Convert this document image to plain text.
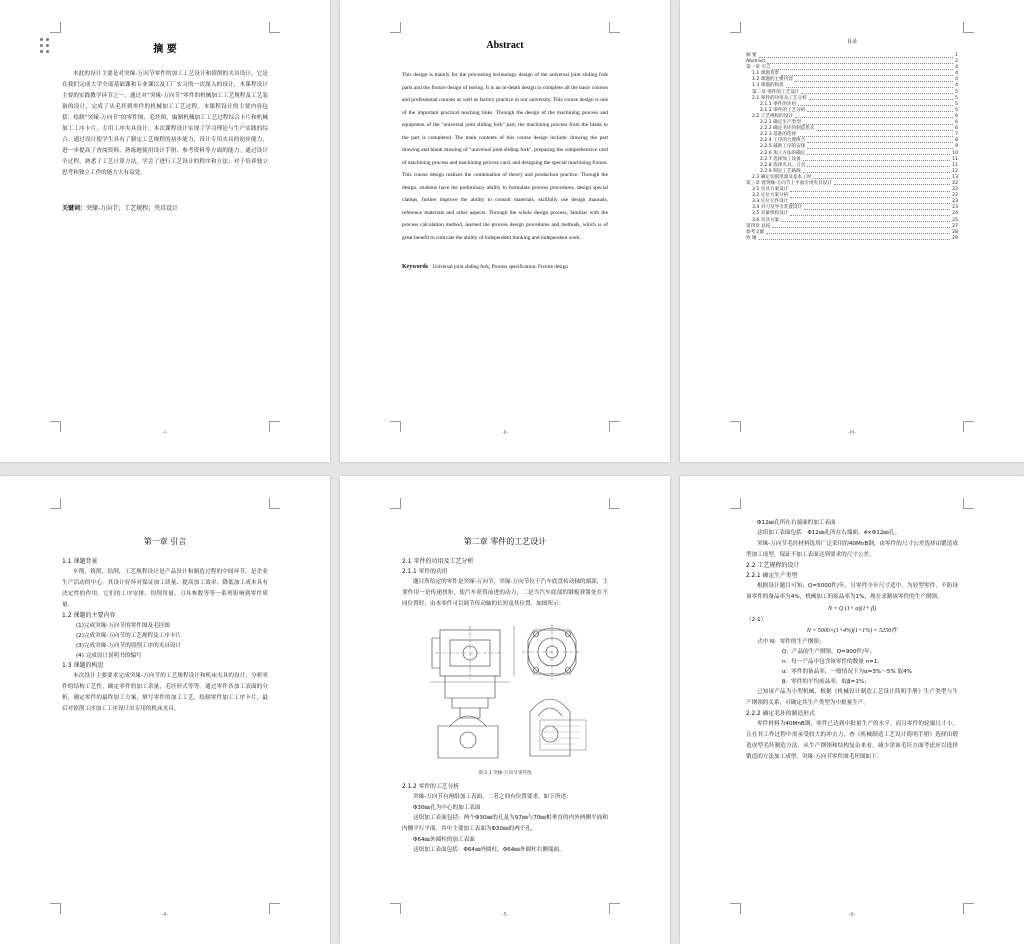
摘 要

本此的设计主要是对突缘-万向节零件的加工工艺设计和镗削的夹具设计，它是在我们完成大学全部基础课和专业课以及工厂实习的一次深入的设计，本课程设计主要的实践教学环节之一。通过对“突缘-万向节”零件的机械加工工艺规程及工艺装备的设计，完成了从毛坯到零件的机械加工工艺过程。本课程设计的主要内容包括：绘制“突缘-万向节”的零件图、毛坯图，编制机械加工工艺过程综合卡片和机械加工工序卡片，专用工序夹具设计。本次课程设计实现了学习理论与生产实践的综合；通过设计使学生具有了制定工艺规程的初步能力，设计专用夹具的初步能力，进一步提高了查阅资料、熟练地使用设计手册、参考资料等方面的能力。通过设计全过程，熟悉了工艺计算方法，学会了进行工艺设计的程序和方法；对于培养独立思考和独立工作的能力大有益处。

关键词：突缘-万向节；工艺规程；夹具设计
-I-
Abstract

This design is mainly for the processing technology design of the universal joint sliding fork parts and the fixture design of boring. It is an in-depth design to complete all the basic courses and professional courses as well as factory practice in our university. This course design is one of the important practical teaching links. Through the design of the machining process and equipment of the "universal joint sliding fork" part, the machining process from the blank to the part is completed. The main contents of this course design include: drawing the part drawing and blank drawing of "universal joint sliding fork", preparing the comprehensive card of machining process and machining process card, and designing the special machining fixture. This course design realizes the combination of theory and production practice. Through the design, students have the preliminary ability to formulate process procedures, design special clamps, further improve the ability to consult materials, skillfully use design manuals, reference materials and other aspects. Through the whole design process, familiar with the process calculation method, learned the process design procedures and methods, which is of great benefit to cultivate the ability of independent thinking and independent work.

Keywords Universal joint sliding fork; Process specification; Fixture design
-II-
目录
摘 要	1
Abstract	2
第一章 引言	4
1.1 课题背景	4
1.2 课题的主要内容	4
1.3 课题的构思	4
第二章 零件的工艺设计	5
2.1 零件的功用及工艺分析	5
2.1.1 零件的功用	5
2.1.2 零件的工艺分析	5
2.2 工艺规程的设计	6
2.2.1 确定生产类型	6
2.2.2 确定毛坯的制造形式	6
2.2.3 基准的选择	7
2.2.4 工序的合理组合	8
2.2.5 辅助工序的安排	9
2.2.6 加工方法的确定	10
2.2.7 选择加工设备	11
2.2.8 选择夹具、刀具	11
2.2.9 制定工艺路线	12
2.3 确定切削用量及基本工时	13
第三章 镗突缘-万向节上平面专用夹具设计	22
3.1 夹具方案设计	22
3.2 定位方案分析	22
3.3 定位元件设计	23
3.4 对刀及导引装置设计	23
3.5 夹紧机构设计	24
3.6 夹具方案	25
第四章 总结	27
参考文献	28
致 谢	29
-III-
第一章 引言

1.1 课题背景

车削、铣削、钻削，工艺规程设计是产品设计和制造过程的中间环节，是企业生产活动的中心。其设计好坏对保证加工质量、提高加工效率、降低加工成本具有决定性的作用。它们的工序安排、切削用量、刀具参数等等一系列影响到零件质量。

1.2 课题的主要内容

(1)完成突缘-万向节的零件图及毛坯图

(2)完成突缘-万向节的工艺规程及工序卡片

(3)完成突缘-万向节的镗削工序的夹具设计

(4) 完成设计说明书的编写

1.3 课题的构思

本次设计主要要求完成突缘-万向节的工艺规程设计和机床夹具的设计，分析零件的结构工艺性，确定零件的加工余量，毛坯形式等等。通过零件各加工表面的分析，确定零件的最终加工方案，填写零件的加工工艺，绘制零件加工工序卡片，最后对镗削工序加工工序设计出专用的机床夹具。

-4-
第二章 零件的工艺设计

2.1 零件的功用及工艺分析

2.1.1 零件的功用

题目所给定的零件是突缘-万向节，突缘-万向节位于汽车底盘传动轴的端部，主要作用一是传递扭矩，使汽车获得前进的动力；二是当汽车底部的钢板弹簧处在不同位置时，由本零件可以调节传动轴的长短及其位置。如图所示：

图 2.1 突缘-万向节零件图

2.1.2 零件的工艺分析

突缘-万向节有两组加工表面，二者之间有位置要求，如下所述：

Φ30㎜孔为中心的加工表面

这组加工表面包括：两个Φ30㎜的孔及为97㎜与70㎜相垂直的内外两侧平面和内侧平行平面。其中主要加工表面为Φ30㎜的两个孔。

Φ64㎜外圆柱的加工表面

这组加工表面包括：Φ64㎜外圆柱，Φ64㎜外圆柱右侧端面。

-5-

Φ12㎜孔所在右端面的加工表面

这组加工表面包括：Φ12㎜孔所在右端面，4×Φ12㎜孔。

突缘-万向节毛坯材料选用广泛采用的40MnB钢，由零件的尺寸公差选择由锻造成型加工成型，保证不加工表面达到要求的尺寸公差。

2.2 工艺规程的设计

2.2.1 确定生产类型

根据设计题目可知，Q=5000件/年，且零件全年尺寸适中，为轻型零件，不防设该零件的备品率为4%，机械加工的废品率为1%，现在求制该零件的生产纲领。

N = Q (1+ α)(1+ β)

（2-1）

N = 5000×(1+4%)(1+1%) = 5250件

式中 N：零件的生产纲领；

Q：产品的生产纲领，Q=900件/年；

n：每一产品中包含该零件的数量 n=1；

α：零件的备品率，一般情况下为α=3%～5% 取4%

β：零件的平均废品率，取β=1%；

已知该产品为小型机械，根据《机械设计制造工艺设计简明手册》生产类型与生产纲领的关系，可确定其生产类型为中批量生产。

2.2.2 确定毛坯的制造形式

零件材料为40MnB钢，零件已达到中批量生产的水平，而且零件的轮廓尺寸小，且在其工作过程中需承受较大的冲击力，查《机械制造工艺设计简明手册》选择由锻造成型毛坯制造方法，从生产纲领和结构复杂来看，减少余该毛坯方面考虑应以选择锻造的方法加工成型。突缘-万向节零件图毛坯图如下。

-6-
